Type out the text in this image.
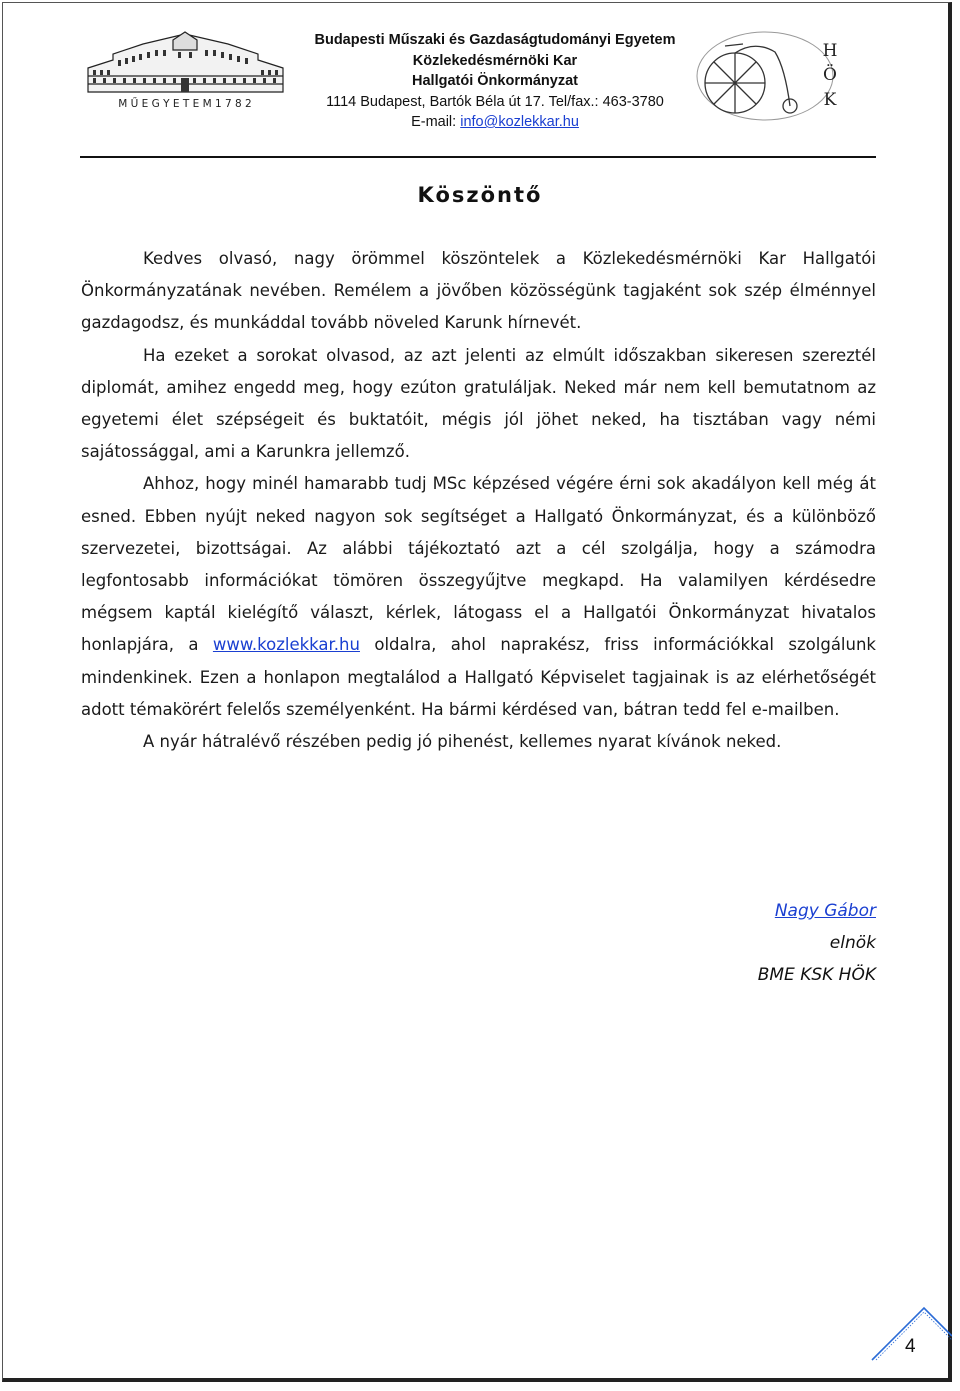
M Ű E G Y E T E M 1 7 8 2
Budapesti Műszaki és Gazdaságtudományi Egyetem
Közlekedésmérnöki Kar
Hallgatói Önkormányzat
1114 Budapest, Bartók Béla út 17. Tel/fax.: 463-3780
E-mail: info@kozlekkar.hu
H
Ö
K
Köszöntő

Kedves olvasó, nagy örömmel köszöntelek a Közlekedésmérnöki Kar Hallgatói Önkormányzatának nevében. Remélem a jövőben közösségünk tagjaként sok szép élménnyel gazdagodsz, és munkáddal tovább növeled Karunk hírnevét.

Ha ezeket a sorokat olvasod, az azt jelenti az elmúlt időszakban sikeresen szereztél diplomát, amihez engedd meg, hogy ezúton gratuláljak. Neked már nem kell bemutatnom az egyetemi élet szépségeit és buktatóit, mégis jól jöhet neked, ha tisztában vagy némi sajátossággal, ami a Karunkra jellemző.

Ahhoz, hogy minél hamarabb tudj MSc képzésed végére érni sok akadályon kell még át esned. Ebben nyújt neked nagyon sok segítséget a Hallgató Önkormányzat, és a különböző szervezetei, bizottságai. Az alábbi tájékoztató azt a cél szolgálja, hogy a számodra legfontosabb információkat tömören összegyűjtve megkapd. Ha valamilyen kérdésedre mégsem kaptál kielégítő választ, kérlek, látogass el a Hallgatói Önkormányzat hivatalos honlapjára, a www.kozlekkar.hu oldalra, ahol naprakész, friss információkkal szolgálunk mindenkinek. Ezen a honlapon megtalálod a Hallgató Képviselet tagjainak is az elérhetőségét adott témakörért felelős személyenként. Ha bármi kérdésed van, bátran tedd fel e-mailben.

A nyár hátralévő részében pedig jó pihenést, kellemes nyarat kívánok neked.

Nagy Gábor
elnök
BME KSK HÖK
4
